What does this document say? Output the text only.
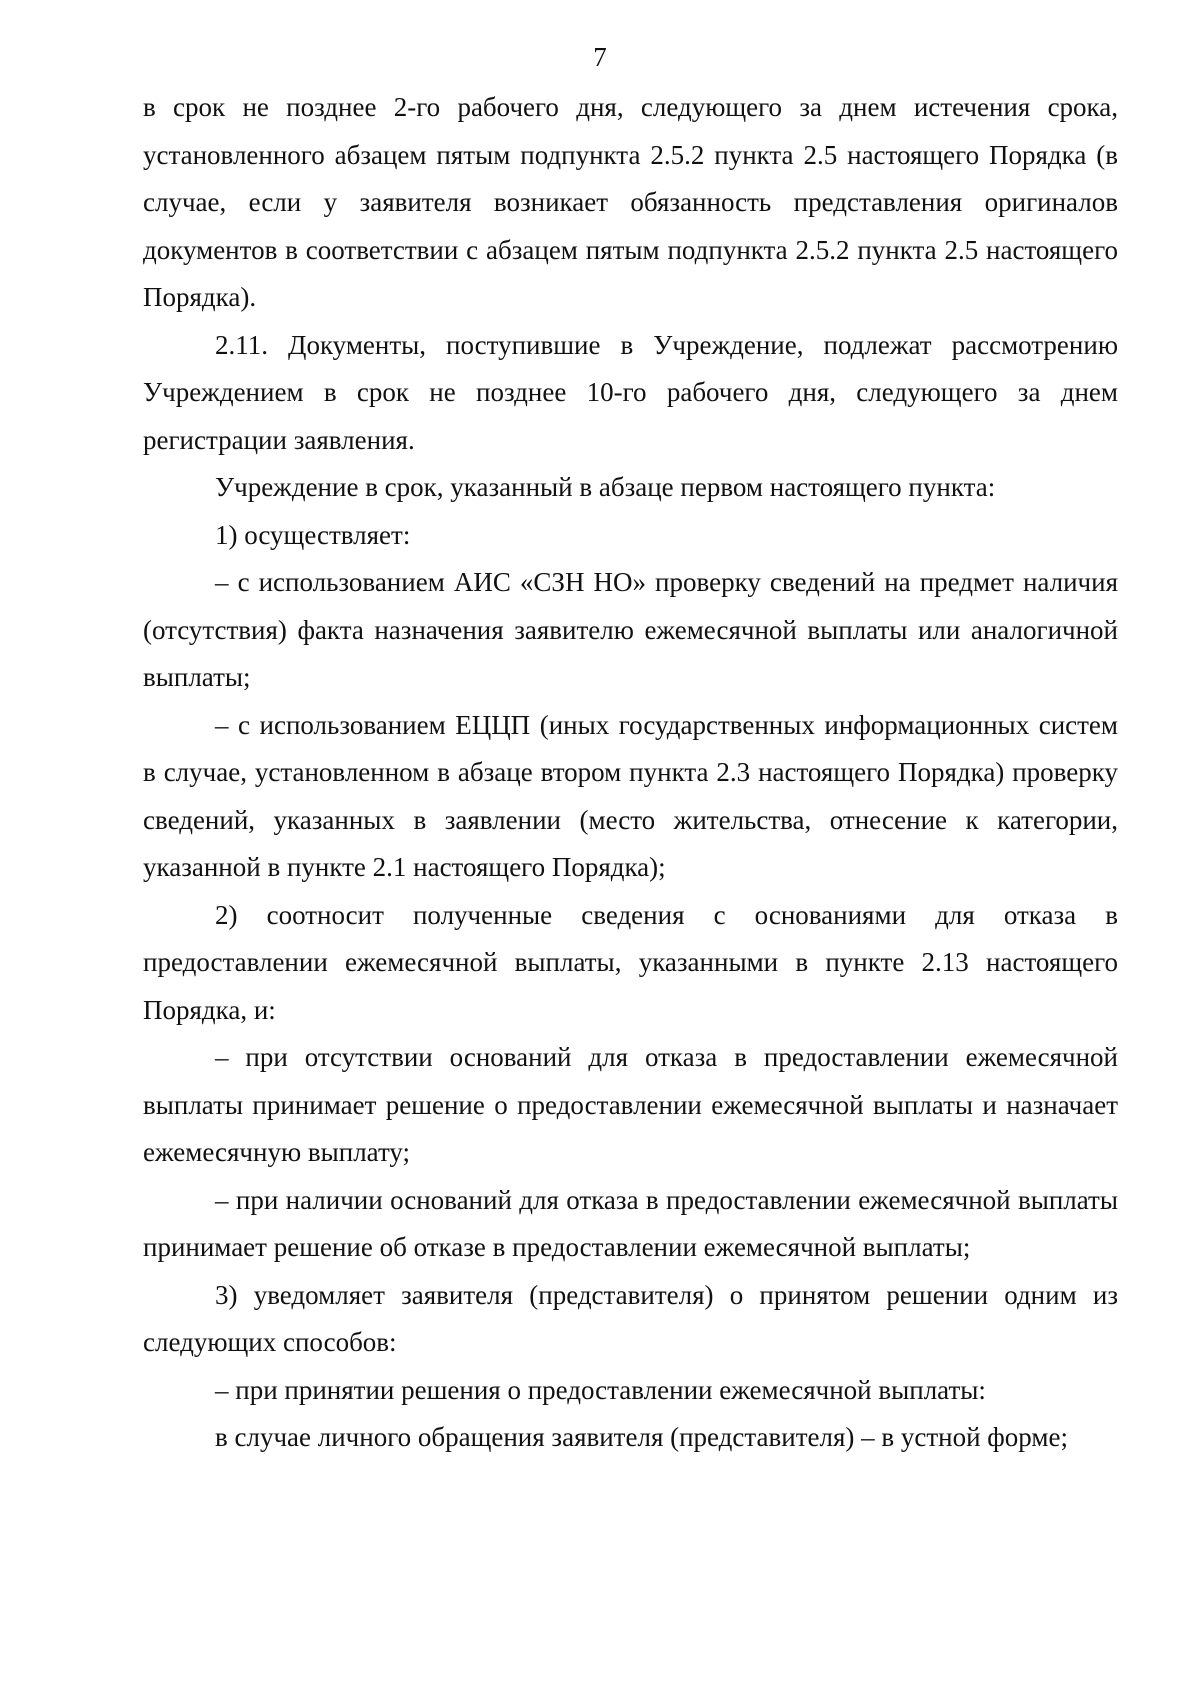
7

в срок не позднее 2-го рабочего дня, следующего за днем истечения срока, установленного абзацем пятым подпункта 2.5.2 пункта 2.5 настоящего Порядка (в случае, если у заявителя возникает обязанность представления оригиналов документов в соответствии с абзацем пятым подпункта 2.5.2 пункта 2.5 настоящего Порядка).

2.11. Документы, поступившие в Учреждение, подлежат рассмотрению Учреждением в срок не позднее 10-го рабочего дня, следующего за днем регистрации заявления.

Учреждение в срок, указанный в абзаце первом настоящего пункта:

1) осуществляет:

– с использованием АИС «СЗН НО» проверку сведений на предмет наличия (отсутствия) факта назначения заявителю ежемесячной выплаты или аналогичной выплаты;

– с использованием ЕЦЦП (иных государственных информационных систем в случае, установленном в абзаце втором пункта 2.3 настоящего Порядка) проверку сведений, указанных в заявлении (место жительства, отнесение к категории, указанной в пункте 2.1 настоящего Порядка);

2) соотносит полученные сведения с основаниями для отказа в предоставлении ежемесячной выплаты, указанными в пункте 2.13 настоящего Порядка, и:

– при отсутствии оснований для отказа в предоставлении ежемесячной выплаты принимает решение о предоставлении ежемесячной выплаты и назначает ежемесячную выплату;

– при наличии оснований для отказа в предоставлении ежемесячной выплаты принимает решение об отказе в предоставлении ежемесячной выплаты;

3) уведомляет заявителя (представителя) о принятом решении одним из следующих способов:

– при принятии решения о предоставлении ежемесячной выплаты:

в случае личного обращения заявителя (представителя) – в устной форме;
